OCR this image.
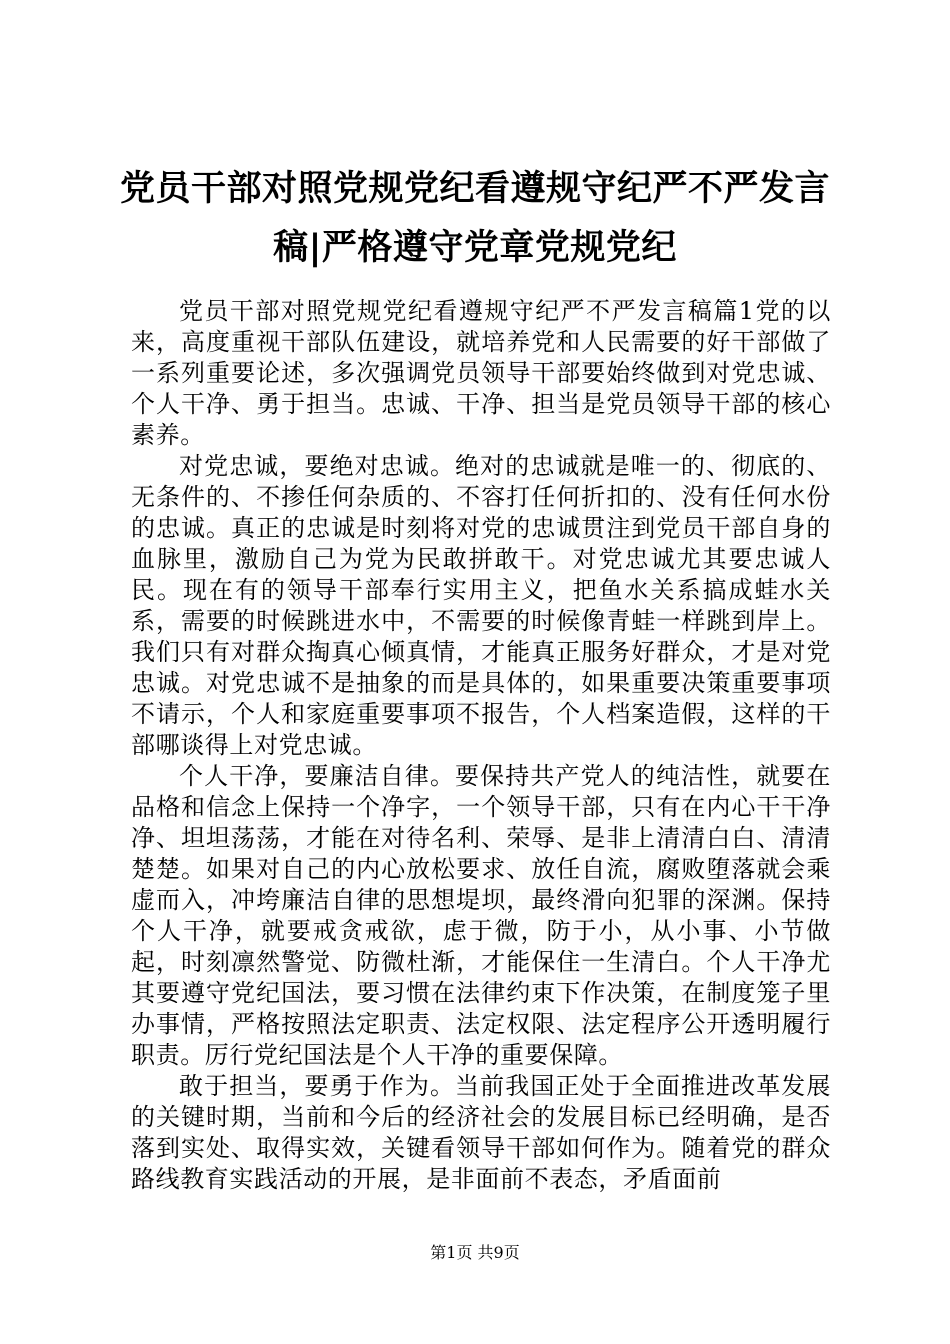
党员干部对照党规党纪看遵规守纪严不严发言稿|严格遵守党章党规党纪

党员干部对照党规党纪看遵规守纪严不严发言稿篇1党的以来，高度重视干部队伍建设，就培养党和人民需要的好干部做了一系列重要论述，多次强调党员领导干部要始终做到对党忠诚、个人干净、勇于担当。忠诚、干净、担当是党员领导干部的核心素养。

对党忠诚，要绝对忠诚。绝对的忠诚就是唯一的、彻底的、无条件的、不掺任何杂质的、不容打任何折扣的、没有任何水份的忠诚。真正的忠诚是时刻将对党的忠诚贯注到党员干部自身的血脉里，激励自己为党为民敢拼敢干。对党忠诚尤其要忠诚人民。现在有的领导干部奉行实用主义，把鱼水关系搞成蛙水关系，需要的时候跳进水中，不需要的时候像青蛙一样跳到岸上。我们只有对群众掏真心倾真情，才能真正服务好群众，才是对党忠诚。对党忠诚不是抽象的而是具体的，如果重要决策重要事项不请示，个人和家庭重要事项不报告，个人档案造假，这样的干部哪谈得上对党忠诚。

个人干净，要廉洁自律。要保持共产党人的纯洁性，就要在品格和信念上保持一个净字，一个领导干部，只有在内心干干净净、坦坦荡荡，才能在对待名利、荣辱、是非上清清白白、清清楚楚。如果对自己的内心放松要求、放任自流，腐败堕落就会乘虚而入，冲垮廉洁自律的思想堤坝，最终滑向犯罪的深渊。保持个人干净，就要戒贪戒欲，虑于微，防于小，从小事、小节做起，时刻凛然警觉、防微杜渐，才能保住一生清白。个人干净尤其要遵守党纪国法，要习惯在法律约束下作决策，在制度笼子里办事情，严格按照法定职责、法定权限、法定程序公开透明履行职责。厉行党纪国法是个人干净的重要保障。

敢于担当，要勇于作为。当前我国正处于全面推进改革发展的关键时期，当前和今后的经济社会的发展目标已经明确，是否落到实处、取得实效，关键看领导干部如何作为。随着党的群众路线教育实践活动的开展，是非面前不表态，矛盾面前

第1页 共9页
